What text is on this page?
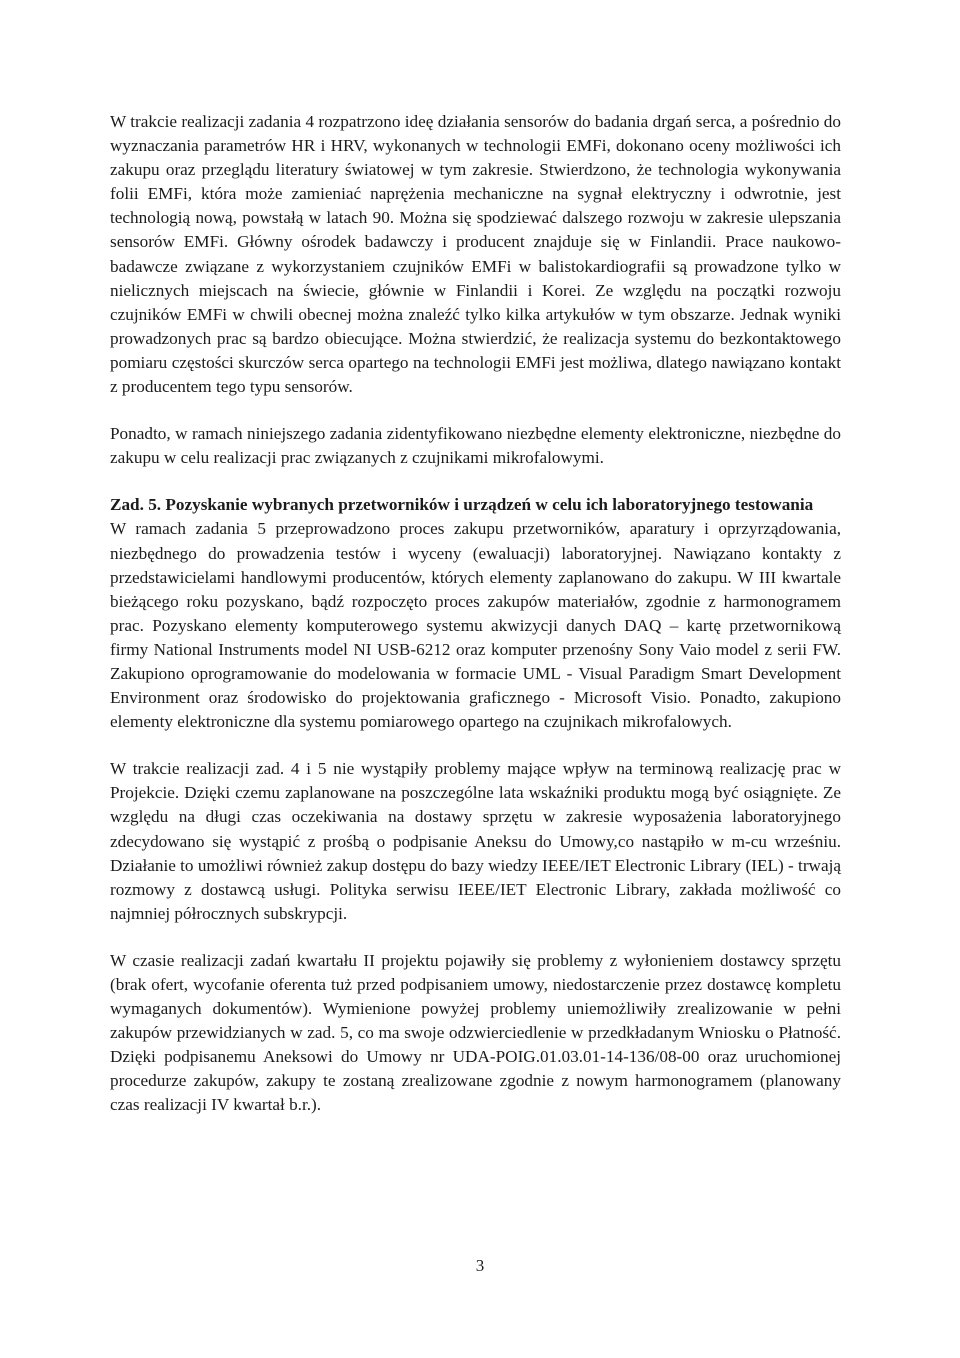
W trakcie realizacji zadania 4 rozpatrzono ideę działania sensorów do badania drgań serca, a pośrednio do wyznaczania parametrów HR i HRV, wykonanych w technologii EMFi, dokonano oceny możliwości ich zakupu oraz przeglądu literatury światowej w tym zakresie. Stwierdzono, że technologia wykonywania folii EMFi, która może zamieniać naprężenia mechaniczne na sygnał elektryczny i odwrotnie, jest technologią nową, powstałą w latach 90. Można się spodziewać dalszego rozwoju w zakresie ulepszania sensorów EMFi. Główny ośrodek badawczy i producent znajduje się w Finlandii. Prace naukowo-badawcze związane z wykorzystaniem czujników EMFi w balistokardiografii są prowadzone tylko w nielicznych miejscach na świecie, głównie w Finlandii i Korei. Ze względu na początki rozwoju czujników EMFi w chwili obecnej można znaleźć tylko kilka artykułów w tym obszarze. Jednak wyniki prowadzonych prac są bardzo obiecujące. Można stwierdzić, że realizacja systemu do bezkontaktowego pomiaru częstości skurczów serca opartego na technologii EMFi jest możliwa, dlatego nawiązano kontakt z producentem tego typu sensorów.

Ponadto, w ramach niniejszego zadania zidentyfikowano niezbędne elementy elektroniczne, niezbędne do zakupu w celu realizacji prac związanych z czujnikami mikrofalowymi.

Zad. 5. Pozyskanie wybranych przetworników i urządzeń w celu ich laboratoryjnego testowania

W ramach zadania 5 przeprowadzono proces zakupu przetworników, aparatury i oprzyrządowania, niezbędnego do prowadzenia testów i wyceny (ewaluacji) laboratoryjnej. Nawiązano kontakty z przedstawicielami handlowymi producentów, których elementy zaplanowano do zakupu. W III kwartale bieżącego roku pozyskano, bądź rozpoczęto proces zakupów materiałów, zgodnie z harmonogramem prac. Pozyskano elementy komputerowego systemu akwizycji danych DAQ – kartę przetwornikową firmy National Instruments model NI USB-6212 oraz komputer przenośny Sony Vaio model z serii FW. Zakupiono oprogramowanie do modelowania w formacie UML - Visual Paradigm Smart Development Environment oraz środowisko do projektowania graficznego - Microsoft Visio. Ponadto, zakupiono elementy elektroniczne dla systemu pomiarowego opartego na czujnikach mikrofalowych.

W trakcie realizacji zad. 4 i 5 nie wystąpiły problemy mające wpływ na terminową realizację prac w Projekcie. Dzięki czemu zaplanowane na poszczególne lata wskaźniki produktu mogą być osiągnięte. Ze względu na długi czas oczekiwania na dostawy sprzętu w zakresie wyposażenia laboratoryjnego zdecydowano się wystąpić z prośbą o podpisanie Aneksu do Umowy,co nastąpiło w m-cu wrześniu. Działanie to umożliwi również zakup dostępu do bazy wiedzy IEEE/IET Electronic Library (IEL) - trwają rozmowy z dostawcą usługi. Polityka serwisu IEEE/IET Electronic Library, zakłada możliwość co najmniej półrocznych subskrypcji.

W czasie realizacji zadań kwartału II projektu pojawiły się problemy z wyłonieniem dostawcy sprzętu (brak ofert, wycofanie oferenta tuż przed podpisaniem umowy, niedostarczenie przez dostawcę kompletu wymaganych dokumentów). Wymienione powyżej problemy uniemożliwiły zrealizowanie w pełni zakupów przewidzianych w zad. 5, co ma swoje odzwierciedlenie w przedkładanym Wniosku o Płatność. Dzięki podpisanemu Aneksowi do Umowy nr UDA-POIG.01.03.01-14-136/08-00 oraz uruchomionej procedurze zakupów, zakupy te zostaną zrealizowane zgodnie z nowym harmonogramem (planowany czas realizacji IV kwartał b.r.).

3
